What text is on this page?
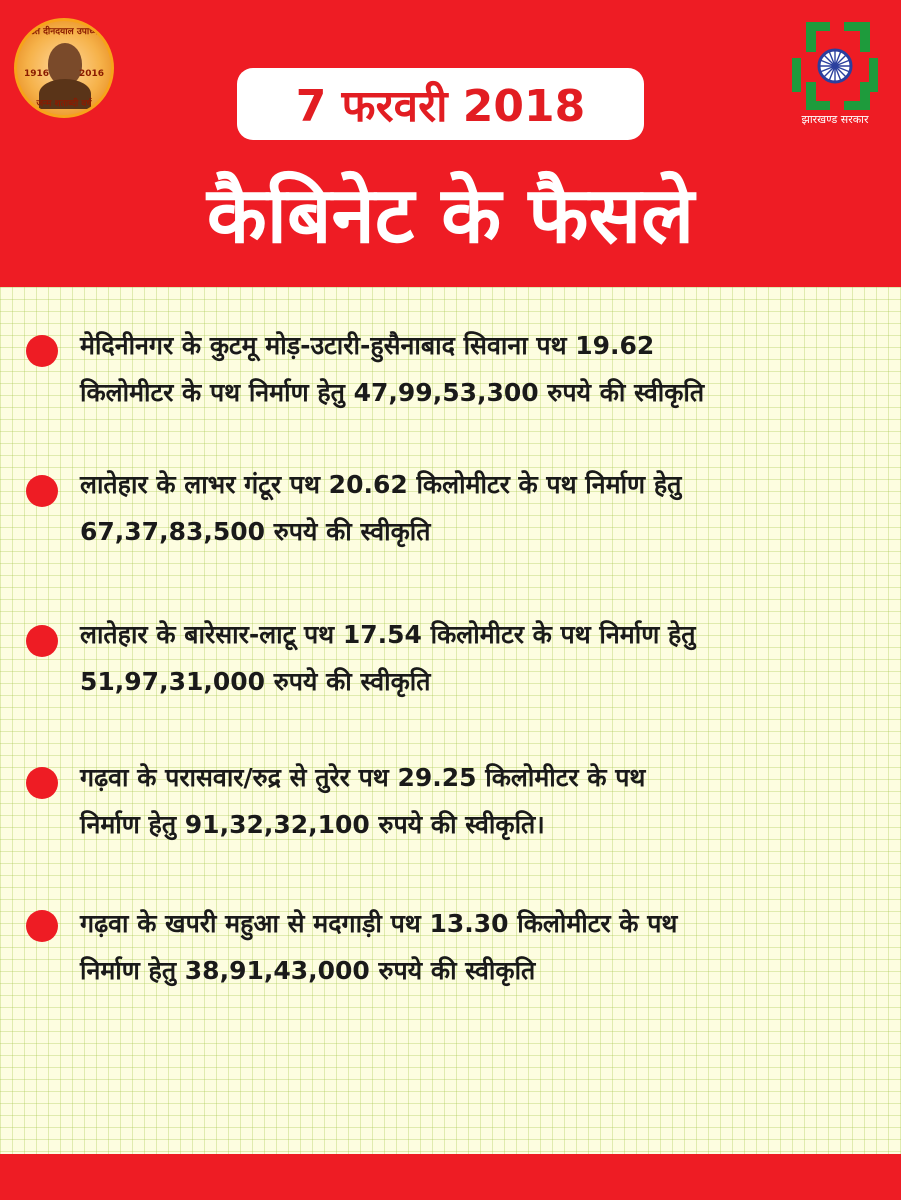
पंडित दीनदयाल उपाध्याय
1916	2016
जन्म शताब्दी वर्ष	7 फरवरी 2018
कैबिनेट के फैसले
झारखण्ड सरकार
मेदिनीनगर के कुटमू मोड़-उटारी-हुसैनाबाद सिवाना पथ 19.62
किलोमीटर के पथ निर्माण हेतु 47,99,53,300 रुपये की स्वीकृति
लातेहार के लाभर गंटूर पथ 20.62 किलोमीटर के पथ निर्माण हेतु
67,37,83,500 रुपये की स्वीकृति
लातेहार के बारेसार-लाटू पथ 17.54 किलोमीटर के पथ निर्माण हेतु
51,97,31,000 रुपये की स्वीकृति
गढ़वा के परासवार/रुद्र से तुरेर पथ 29.25 किलोमीटर के पथ
निर्माण हेतु 91,32,32,100 रुपये की स्वीकृति।
गढ़वा के खपरी महुआ से मदगाड़ी पथ 13.30 किलोमीटर के पथ
निर्माण हेतु 38,91,43,000 रुपये की स्वीकृति
